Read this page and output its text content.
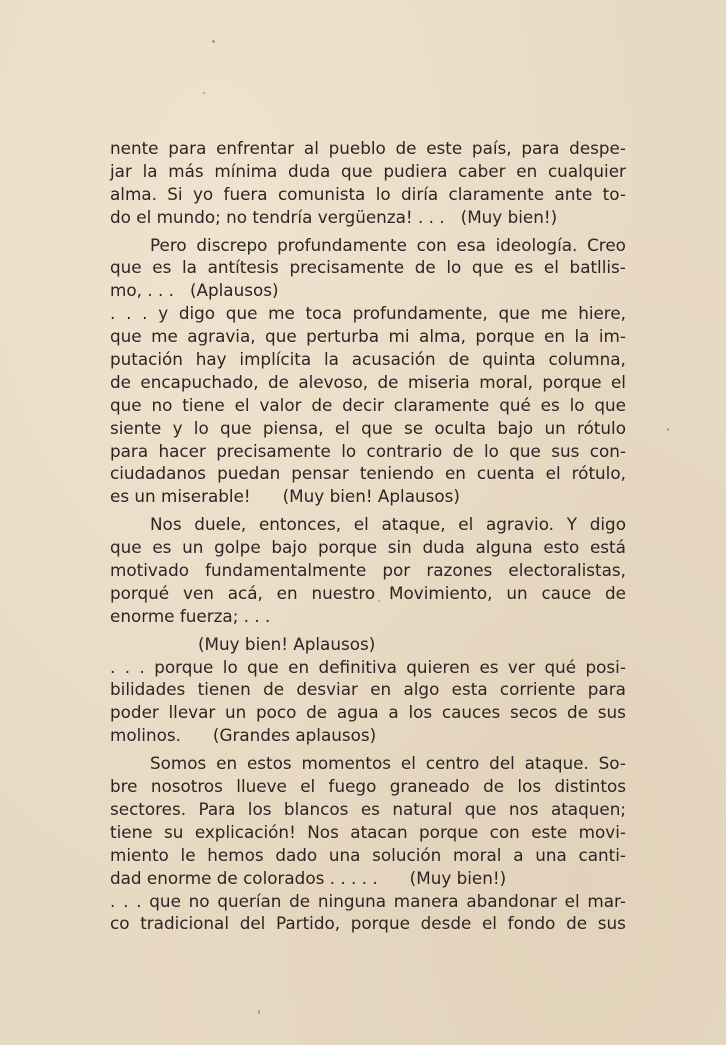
nente para enfrentar al pueblo de este país, para despe-
jar la más mínima duda que pudiera caber en cualquier
alma. Si yo fuera comunista lo diría claramente ante to-
do el mundo; no tendría vergüenza! . . .   (Muy bien!)
Pero discrepo profundamente con esa ideología. Creo
que es la antítesis precisamente de lo que es el batllis-
mo, . . .   (Aplausos)
. . . y digo que me toca profundamente, que me hiere,
que me agravia, que perturba mi alma, porque en la im-
putación hay implícita la acusación de quinta columna,
de encapuchado, de alevoso, de miseria moral, porque el
que no tiene el valor de decir claramente qué es lo que
siente y lo que piensa, el que se oculta bajo un rótulo
para hacer precisamente lo contrario de lo que sus con-
ciudadanos puedan pensar teniendo en cuenta el rótulo,
es un miserable!      (Muy bien! Aplausos)
Nos duele, entonces, el ataque, el agravio. Y digo
que es un golpe bajo porque sin duda alguna esto está
motivado fundamentalmente por razones electoralistas,
porqué ven acá, en nuestro Movimiento, un cauce de
enorme fuerza; . . .
(Muy bien! Aplausos)
. . . porque lo que en definitiva quieren es ver qué posi-
bilidades tienen de desviar en algo esta corriente para
poder llevar un poco de agua a los cauces secos de sus
molinos.      (Grandes aplausos)
Somos en estos momentos el centro del ataque. So-
bre nosotros llueve el fuego graneado de los distintos
sectores. Para los blancos es natural que nos ataquen;
tiene su explicación! Nos atacan porque con este movi-
miento le hemos dado una solución moral a una canti-
dad enorme de colorados . . . . .      (Muy bien!)
. . . que no querían de ninguna manera abandonar el mar-
co tradicional del Partido, porque desde el fondo de sus
